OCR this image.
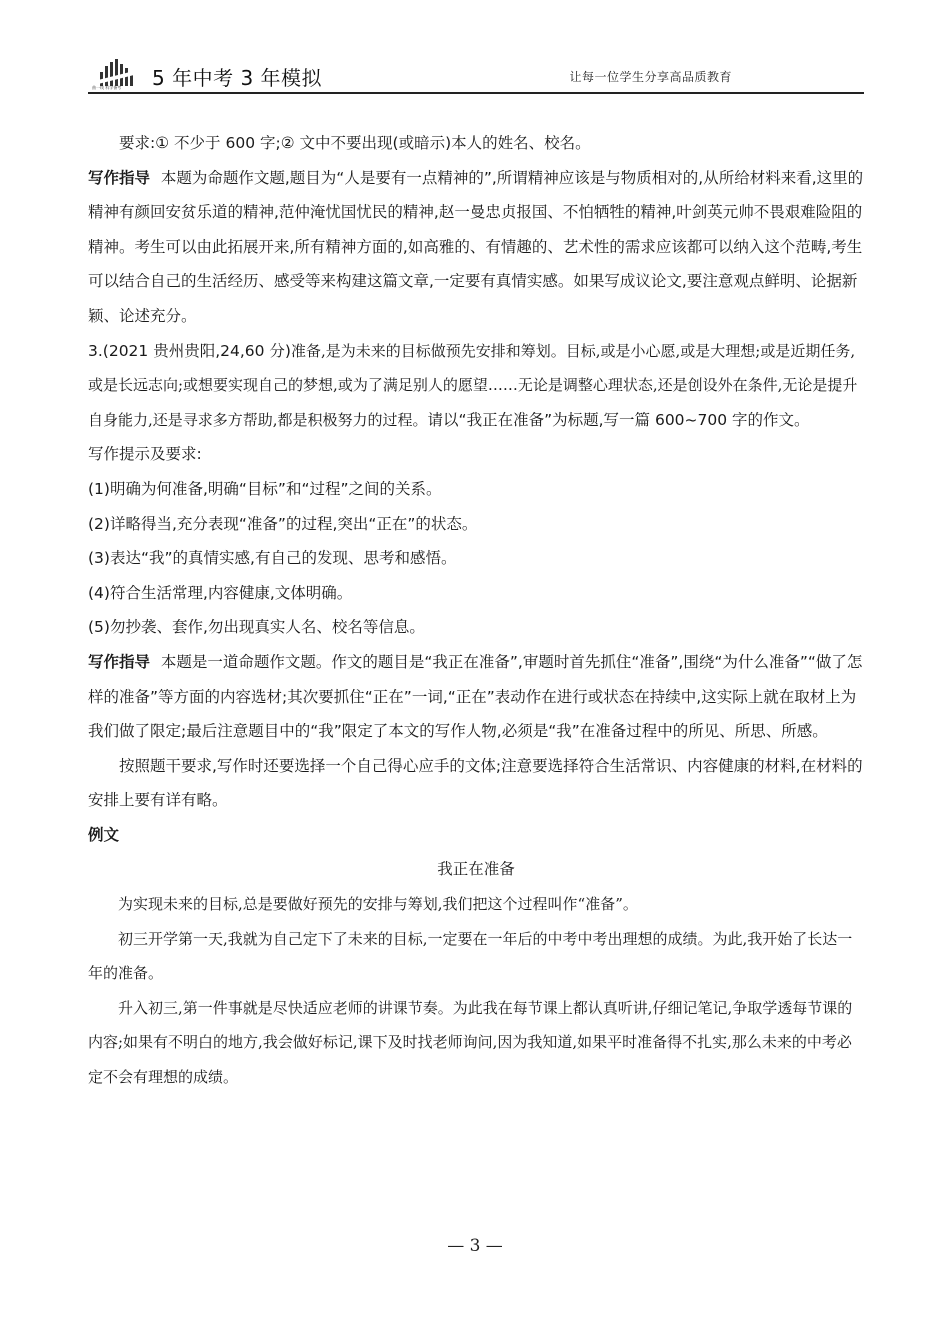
曲一线 科学备考 5 年中考 3 年模拟	让每一位学生分享高品质教育

要求:① 不少于 600 字;② 文中不要出现(或暗示)本人的姓名、校名。

写作指导 本题为命题作文题,题目为“人是要有一点精神的”,所谓精神应该是与物质相对的,从所给材料来看,这里的精神有颜回安贫乐道的精神,范仲淹忧国忧民的精神,赵一曼忠贞报国、不怕牺牲的精神,叶剑英元帅不畏艰难险阻的精神。考生可以由此拓展开来,所有精神方面的,如高雅的、有情趣的、艺术性的需求应该都可以纳入这个范畴,考生可以结合自己的生活经历、感受等来构建这篇文章,一定要有真情实感。如果写成议论文,要注意观点鲜明、论据新颖、论述充分。

3.(2021 贵州贵阳,24,60 分)准备,是为未来的目标做预先安排和筹划。目标,或是小心愿,或是大理想;或是近期任务,或是长远志向;或想要实现自己的梦想,或为了满足别人的愿望……无论是调整心理状态,还是创设外在条件,无论是提升自身能力,还是寻求多方帮助,都是积极努力的过程。请以“我正在准备”为标题,写一篇 600~700 字的作文。

写作提示及要求:

(1)明确为何准备,明确“目标”和“过程”之间的关系。

(2)详略得当,充分表现“准备”的过程,突出“正在”的状态。

(3)表达“我”的真情实感,有自己的发现、思考和感悟。

(4)符合生活常理,内容健康,文体明确。

(5)勿抄袭、套作,勿出现真实人名、校名等信息。

写作指导 本题是一道命题作文题。作文的题目是“我正在准备”,审题时首先抓住“准备”,围绕“为什么准备”“做了怎样的准备”等方面的内容选材;其次要抓住“正在”一词,“正在”表动作在进行或状态在持续中,这实际上就在取材上为我们做了限定;最后注意题目中的“我”限定了本文的写作人物,必须是“我”在准备过程中的所见、所思、所感。

按照题干要求,写作时还要选择一个自己得心应手的文体;注意要选择符合生活常识、内容健康的材料,在材料的安排上要有详有略。

例文

我正在准备

为实现未来的目标,总是要做好预先的安排与筹划,我们把这个过程叫作“准备”。

初三开学第一天,我就为自己定下了未来的目标,一定要在一年后的中考中考出理想的成绩。为此,我开始了长达一年的准备。

升入初三,第一件事就是尽快适应老师的讲课节奏。为此我在每节课上都认真听讲,仔细记笔记,争取学透每节课的内容;如果有不明白的地方,我会做好标记,课下及时找老师询问,因为我知道,如果平时准备得不扎实,那么未来的中考必定不会有理想的成绩。

— 3 —
